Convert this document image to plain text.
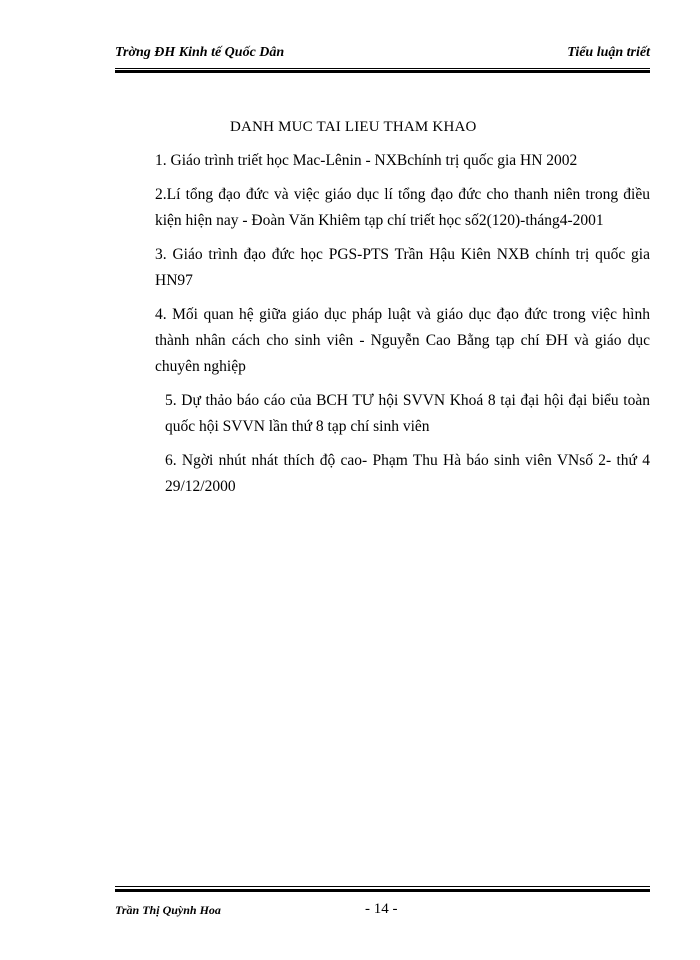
Trờng ĐH Kinh tế Quốc Dân	Tiểu luận triết

DANH MUC TAI LIEU THAM KHAO

1. Giáo trình triết học Mac-Lênin - NXBchính trị quốc gia HN 2002

2.Lí tổng đạo đức và việc giáo dục lí tổng đạo đức cho thanh niên trong điều kiện hiện nay - Đoàn Văn Khiêm tạp chí triết học số2(120)-tháng4-2001

3. Giáo trình đạo đức học PGS-PTS Trần Hậu Kiên NXB chính trị quốc gia HN97

4. Mối quan hệ giữa giáo dục pháp luật và giáo dục đạo đức trong việc hình thành nhân cách cho sinh viên - Nguyễn Cao Bằng tạp chí ĐH và giáo dục chuyên nghiệp

5. Dự thảo báo cáo của BCH TƯ hội SVVN Khoá 8 tại đại hội đại biểu toàn quốc hội SVVN lần thứ 8 tạp chí sinh viên

6. Ngời nhút nhát thích độ cao- Phạm Thu Hà báo sinh viên VNsố 2- thứ 4 29/12/2000

Trần Thị Quỳnh Hoa	- 14 -
